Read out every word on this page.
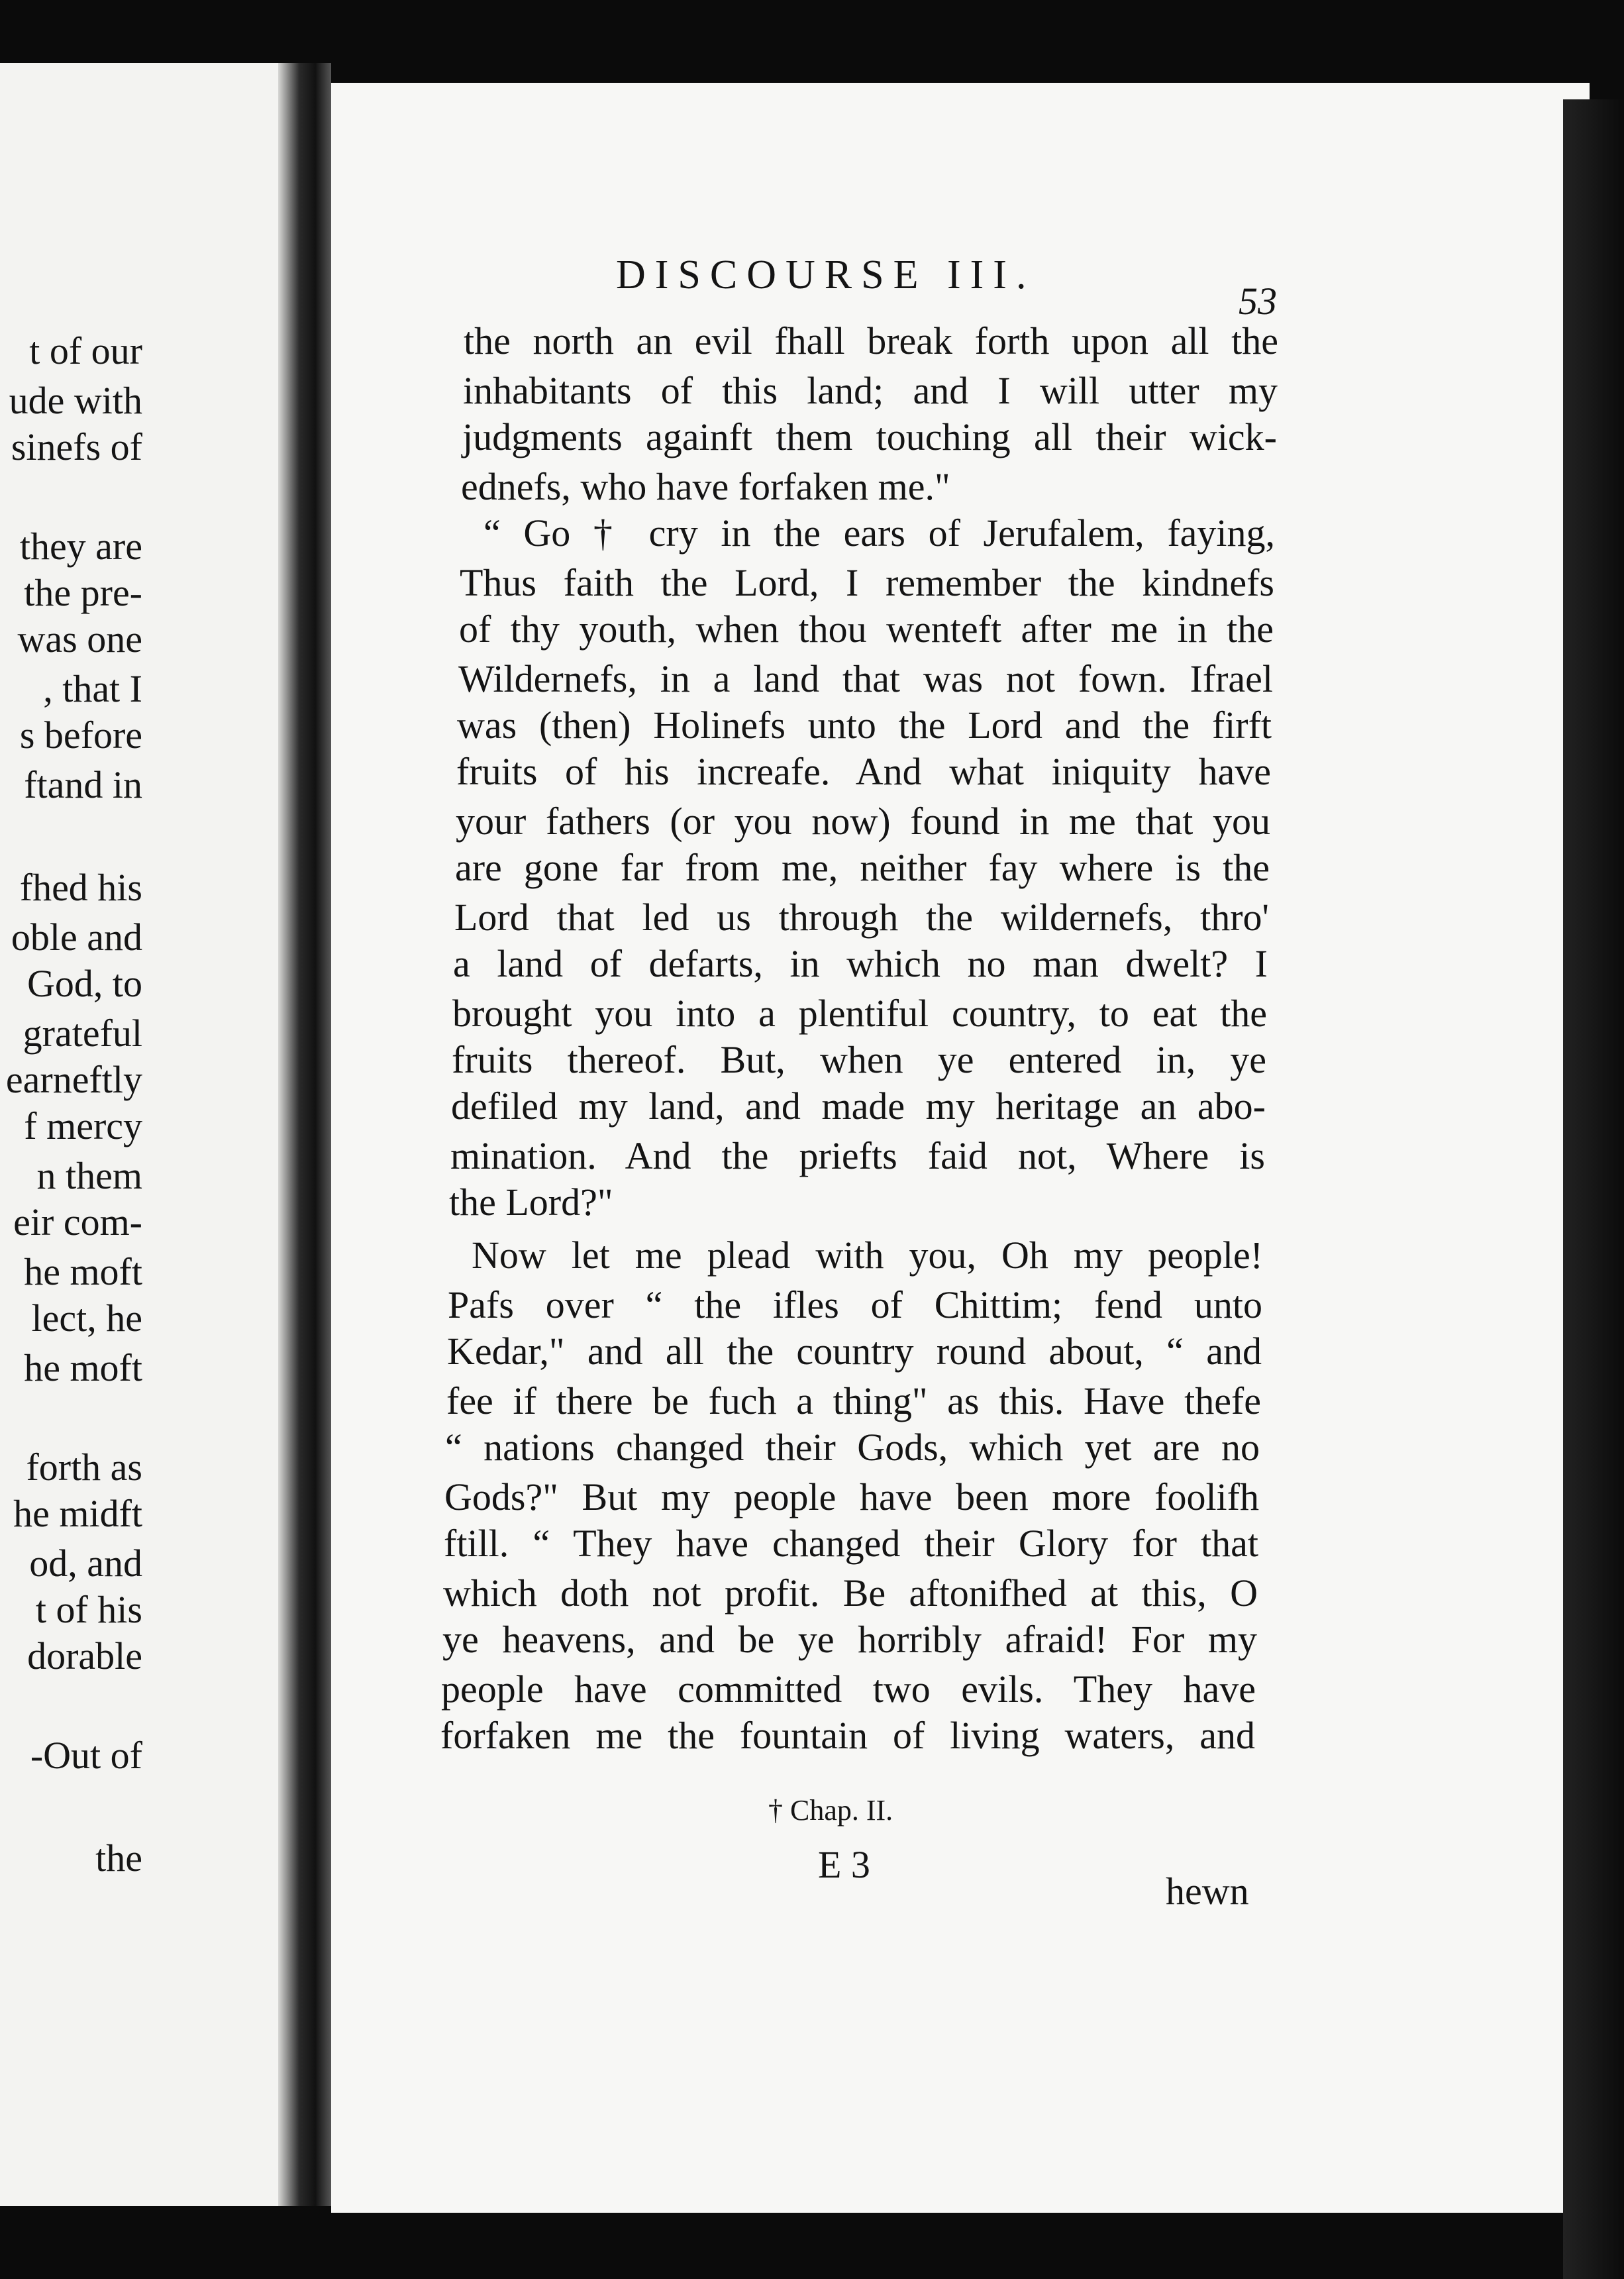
t of our
ude with
sinefs of
they are
the pre-
was one
, that I
s before
ftand in
fhed his
oble and
God, to
grateful
earneftly
f mercy
n them
eir com-
he moft
lect, he
he moft
forth as
he midft
od, and
t of his
dorable
-Out of
the
DISCOURSE III.
53
the north an evil fhall break forth upon all the
inhabitants of this land; and I will utter my
judgments againft them touching all their wick-
ednefs, who have forfaken me."
“ Go † cry in the ears of Jerufalem, faying,
Thus faith the Lord, I remember the kindnefs
of thy youth, when thou wenteft after me in the
Wildernefs, in a land that was not fown. Ifrael
was (then) Holinefs unto the Lord and the firft
fruits of his increafe. And what iniquity have
your fathers (or you now) found in me that you
are gone far from me, neither fay where is the
Lord that led us through the wildernefs, thro'
a land of defarts, in which no man dwelt? I
brought you into a plentiful country, to eat the
fruits thereof. But, when ye entered in, ye
defiled my land, and made my heritage an abo-
mination. And the priefts faid not, Where is
the Lord?"
Now let me plead with you, Oh my people!
Pafs over “ the ifles of Chittim; fend unto
Kedar," and all the country round about, “ and
fee if there be fuch a thing" as this. Have thefe
“ nations changed their Gods, which yet are no
Gods?" But my people have been more foolifh
ftill. “ They have changed their Glory for that
which doth not profit. Be aftonifhed at this, O
ye heavens, and be ye horribly afraid! For my
people have committed two evils. They have
forfaken me the fountain of living waters, and
† Chap. II.
E 3
hewn
